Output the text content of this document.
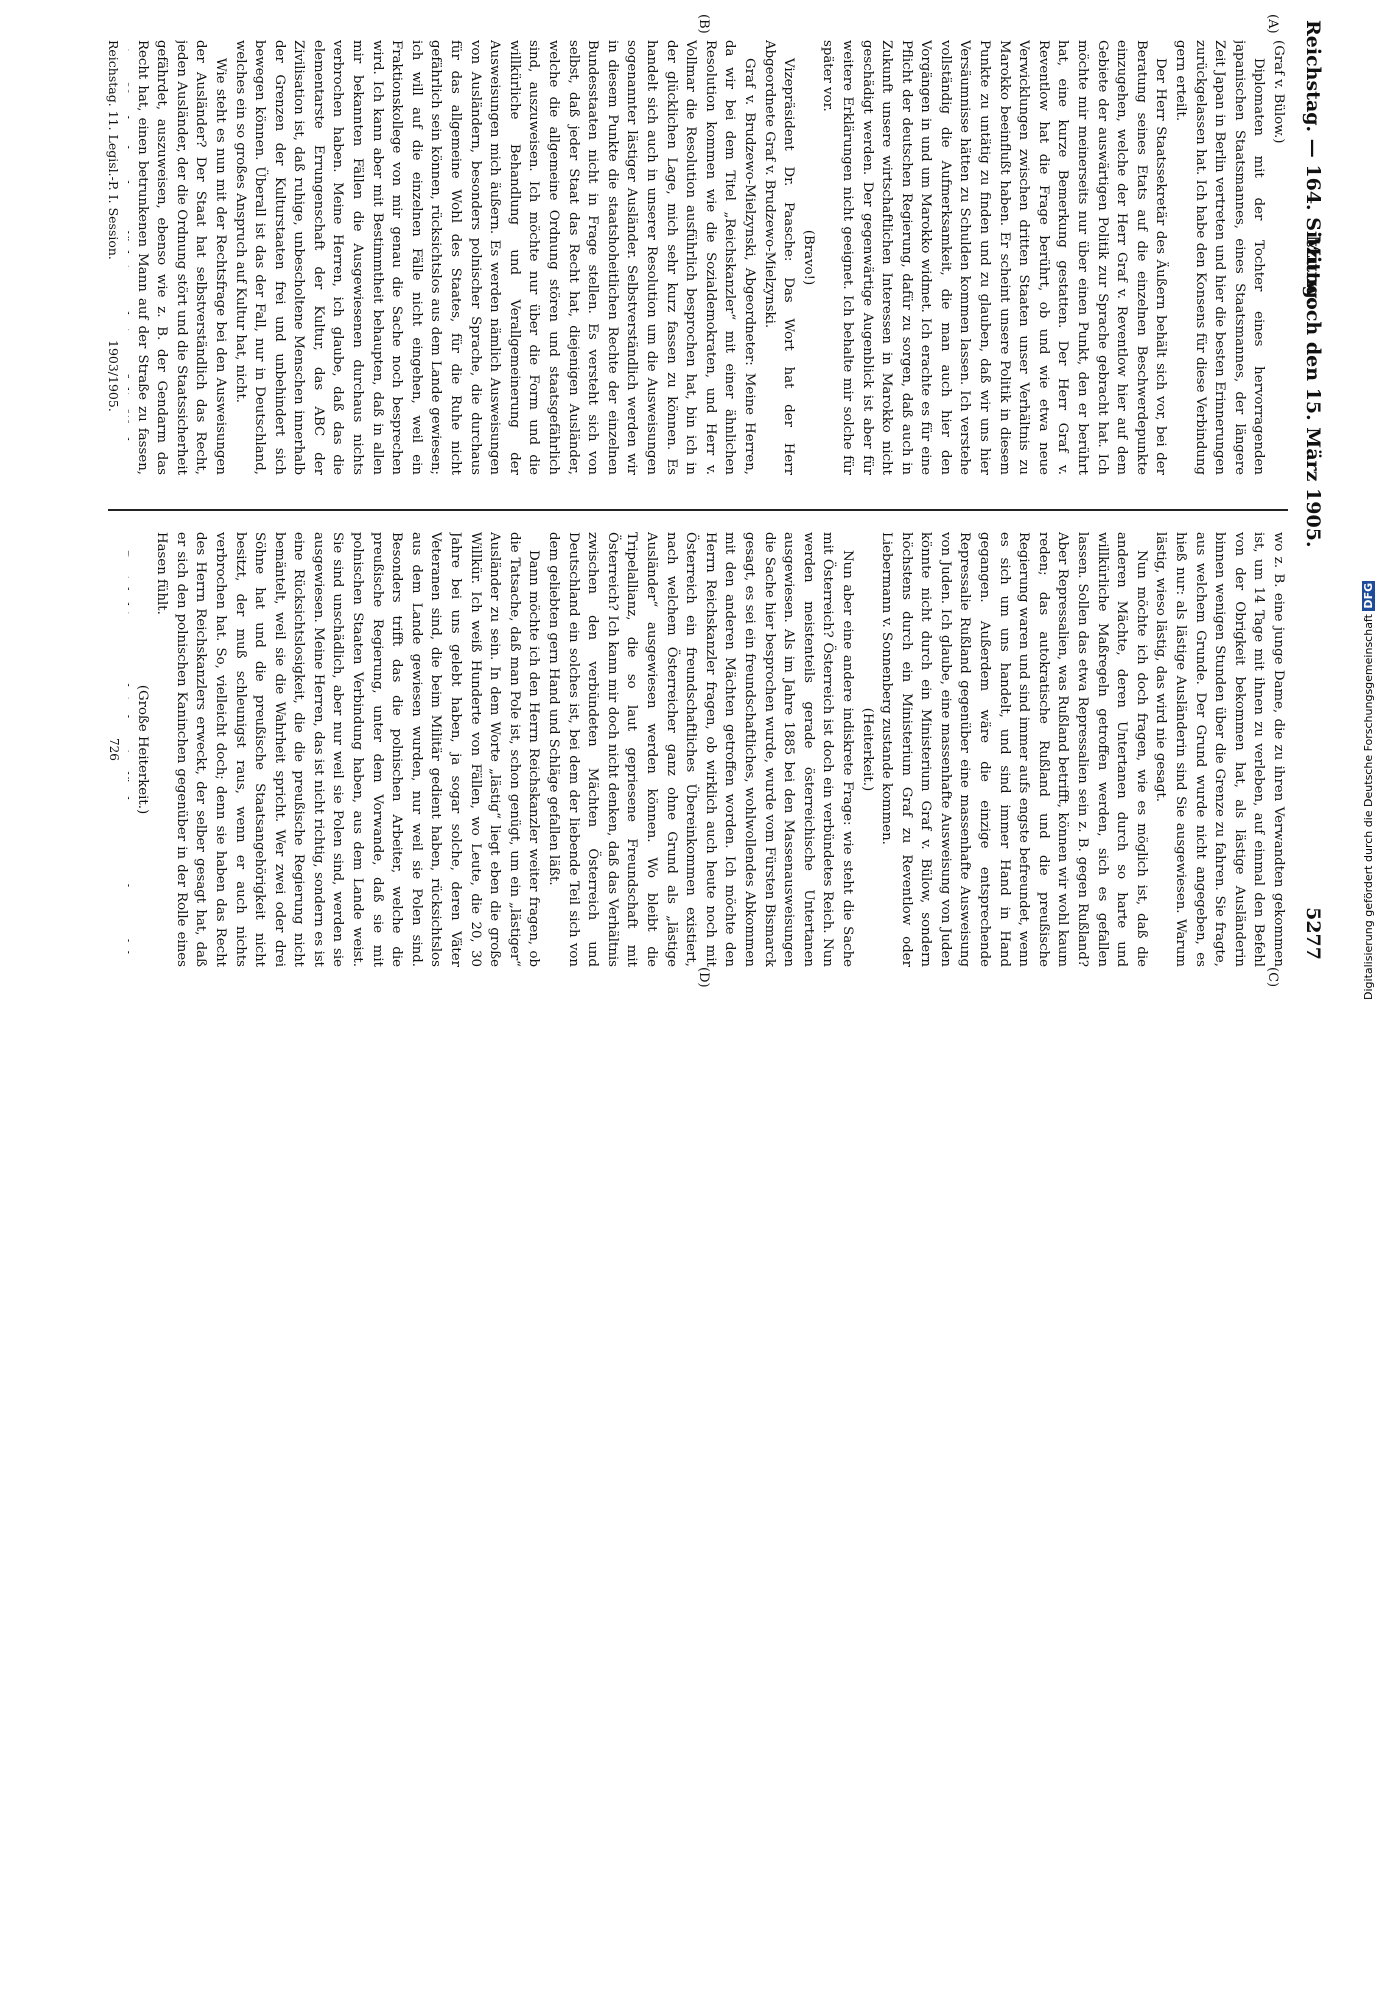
Reichstag. — 164. Sitzung.
Mittwoch den 15. März 1905.
5277
(A)
(B)
(C)
(D)

(Graf v. Bülow.)

Diplomaten mit der Tochter eines hervorragenden japanischen Staatsmannes, eines Staatsmannes, der längere Zeit Japan in Berlin vertreten und hier die besten Erinnerungen zurückgelassen hat. Ich habe den Konsens für diese Verbindung gern erteilt.

Der Herr Staatssekretär des Äußern behält sich vor, bei der Beratung seines Etats auf die einzelnen Beschwerdepunkte einzugehen, welche der Herr Graf v. Reventlow hier auf dem Gebiete der auswärtigen Politik zur Sprache gebracht hat. Ich möchte mir meinerseits nur über einen Punkt, den er berührt hat, eine kurze Bemerkung gestatten. Der Herr Graf v. Reventlow hat die Frage berührt, ob und wie etwa neue Verwicklungen zwischen dritten Staaten unser Verhältnis zu Marokko beeinflußt haben. Er scheint unsere Politik in diesem Punkte zu untätig zu finden und zu glauben, daß wir uns hier Versäumnisse hätten zu Schulden kommen lassen. Ich verstehe vollständig die Aufmerksamkeit, die man auch hier den Vorgängen in und um Marokko widmet. Ich erachte es für eine Pflicht der deutschen Regierung, dafür zu sorgen, daß auch in Zukunft unsere wirtschaftlichen Interessen in Marokko nicht geschädigt werden. Der gegenwärtige Augenblick ist aber für weitere Erklärungen nicht geeignet. Ich behalte mir solche für später vor.

(Bravo!)

Vizepräsident Dr. Paasche: Das Wort hat der Herr Abgeordnete Graf v. Brudzewo-Mielzynski.

Graf v. Brudzewo-Mielzynski, Abgeordneter: Meine Herren, da wir bei dem Titel „Reichskanzler“ mit einer ähnlichen Resolution kommen wie die Sozialdemokraten, und Herr v. Vollmar die Resolution ausführlich besprochen hat, bin ich in der glücklichen Lage, mich sehr kurz fassen zu können. Es handelt sich auch in unserer Resolution um die Ausweisungen sogenannter lästiger Ausländer. Selbstverständlich werden wir in diesem Punkte die staatshoheitlichen Rechte der einzelnen Bundesstaaten nicht in Frage stellen. Es versteht sich von selbst, daß jeder Staat das Recht hat, diejenigen Ausländer, welche die allgemeine Ordnung stören und staatsgefährlich sind, auszuweisen. Ich möchte nur über die Form und die willkürliche Behandlung und Verallgemeinerung der Ausweisungen mich äußern. Es werden nämlich Ausweisungen von Ausländern, besonders polnischer Sprache, die durchaus für das allgemeine Wohl des Staates, für die Ruhe nicht gefährlich sein können, rücksichtslos aus dem Lande gewiesen; ich will auf die einzelnen Fälle nicht eingehen, weil ein Fraktionskollege von mir genau die Sache noch besprechen wird. Ich kann aber mit Bestimmtheit behaupten, daß in allen mir bekannten Fällen die Ausgewiesenen durchaus nichts verbrochen haben. Meine Herren, ich glaube, daß das die elementarste Errungenschaft der Kultur, das ABC der Zivilisation ist, daß ruhige, unbescholtene Menschen innerhalb der Grenzen der Kulturstaaten frei und unbehindert sich bewegen können. Überall ist das der Fall, nur in Deutschland, welches ein so großes Anspruch auf Kultur hat, nicht.

Wie steht es nun mit der Rechtsfrage bei den Ausweisungen der Ausländer? Der Staat hat selbstverständlich das Recht, jeden Ausländer, der die Ordnung stört und die Staatssicherheit gefährdet, auszuweisen, ebenso wie z. B. der Gendarm das Recht hat, einen betrunkenen Mann auf der Straße zu fassen,

wo z. B. eine junge Dame, die zu ihren Verwandten gekommen ist, um 14 Tage mit ihnen zu verleben, auf einmal den Befehl von der Obrigkeit bekommen hat, als lästige Ausländerin binnen wenigen Stunden über die Grenze zu fahren. Sie fragte, aus welchem Grunde. Der Grund wurde nicht angegeben, es hieß nur: als lästige Ausländerin sind Sie ausgewiesen. Warum lästig, wieso lästig, das wird nie gesagt.

Nun möchte ich doch fragen, wie es möglich ist, daß die anderen Mächte, deren Untertanen durch so harte und willkürliche Maßregeln getroffen werden, sich es gefallen lassen. Sollen das etwa Repressalien sein z. B. gegen Rußland? Aber Repressalien, was Rußland betrifft, können wir wohl kaum reden; das autokratische Rußland und die preußische Regierung waren und sind immer aufs engste befreundet, wenn es sich um uns handelt, und sind immer Hand in Hand gegangen. Außerdem wäre die einzige entsprechende Repressalie Rußland gegenüber eine massenhafte Ausweisung von Juden. Ich glaube, eine massenhafte Ausweisung von Juden könnte nicht durch ein Ministerium Graf v. Bülow, sondern höchstens durch ein Ministerium Graf zu Reventlow oder Liebermann v. Sonnenberg zustande kommen.

(Heiterkeit.)

Nun aber eine andere indiskrete Frage: wie steht die Sache mit Österreich? Österreich ist doch ein verbündetes Reich. Nun werden meistenteils gerade österreichische Untertanen ausgewiesen. Als im Jahre 1885 bei den Massenausweisungen die Sache hier besprochen wurde, wurde vom Fürsten Bismarck gesagt, es sei ein freundschaftliches, wohlwollendes Abkommen mit den anderen Mächten getroffen worden. Ich möchte den Herrn Reichskanzler fragen, ob wirklich auch heute noch mit Österreich ein freundschaftliches Übereinkommen existiert, nach welchem Österreicher ganz ohne Grund als „lästige Ausländer“ ausgewiesen werden können. Wo bleibt die Tripelallianz, die so laut gepriesene Freundschaft mit Österreich? Ich kann mir doch nicht denken, daß das Verhältnis zwischen den verbündeten Mächten Österreich und Deutschland ein solches ist, bei dem der liebende Teil sich von dem geliebten gern Hand und Schläge gefallen läßt.

Dann möchte ich den Herrn Reichskanzler weiter fragen, ob die Tatsache, daß man Pole ist, schon genügt, um ein „lästiger“ Ausländer zu sein. In dem Worte „lästig“ liegt eben die große Willkür. Ich weiß Hunderte von Fällen, wo Leute, die 20, 30 Jahre bei uns gelebt haben, ja sogar solche, deren Väter Veteranen sind, die beim Militär gedient haben, rücksichtslos aus dem Lande gewiesen wurden, nur weil sie Polen sind. Besonders trifft das die polnischen Arbeiter, welche die preußische Regierung, unter dem Vorwande, daß sie mit polnischen Staaten Verbindung haben, aus dem Lande weist. Sie sind unschädlich, aber nur weil sie Polen sind, werden sie ausgewiesen. Meine Herren, das ist nicht richtig, sondern es ist eine Rücksichtslosigkeit, die die preußische Regierung nicht bemäntelt, weil sie die Wahrheit spricht. Wer zwei oder drei Söhne hat und die preußische Staatsangehörigkeit nicht besitzt, der muß schleunigst raus, wenn er auch nichts verbrochen hat. So, vielleicht doch; denn sie haben das Recht des Herrn Reichskanzlers erweckt, der selber gesagt hat, daß er sich den polnischen Kaninchen gegenüber in der Rolle eines Hasen fühlt.

(Große Heiterkeit.)

Reichstag. 11. Legisl.-P. I. Session.
1903/1905.
726	Digitalisierung gefördert durch die Deutsche Forschungsgemeinschaft DFG
